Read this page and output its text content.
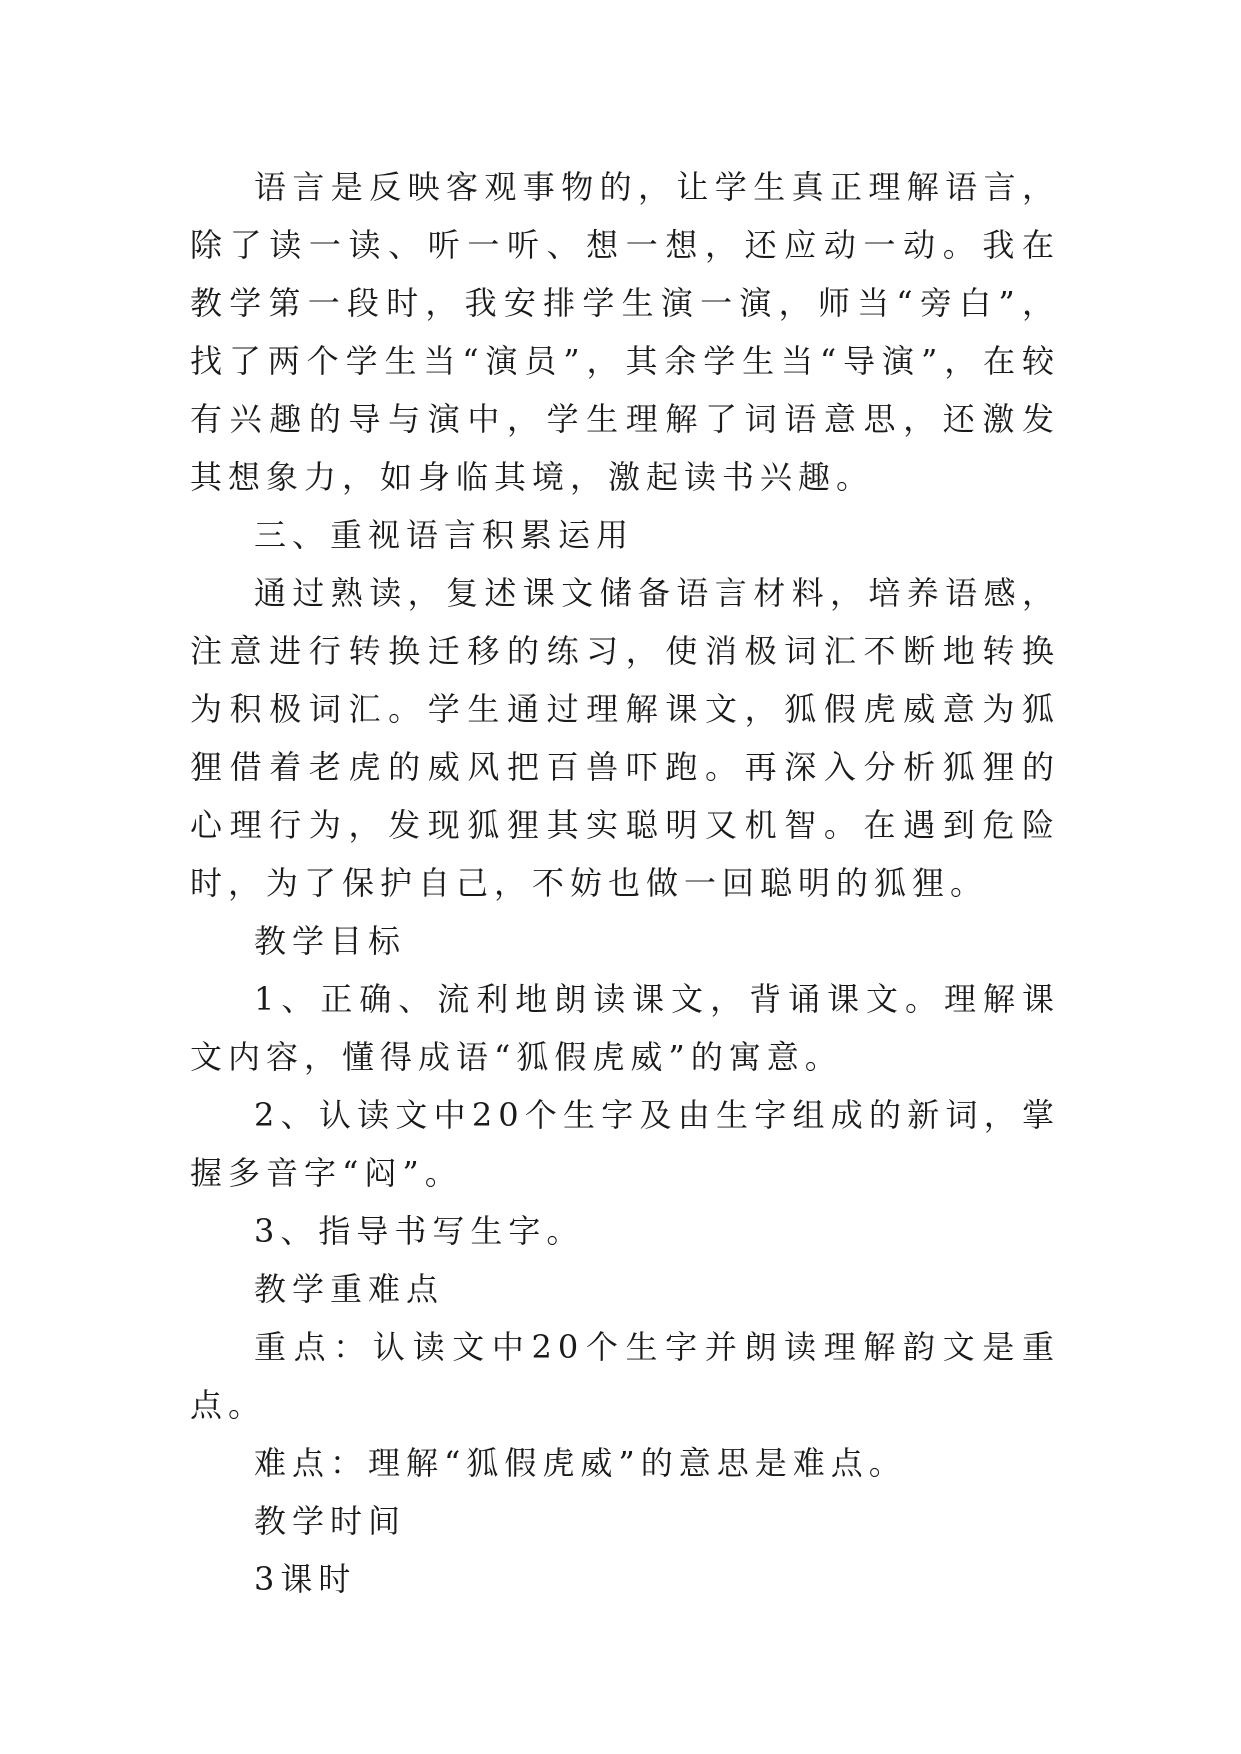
语言是反映客观事物的，让学生真正理解语言，除了读一读、听一听、想一想，还应动一动。我在教学第一段时，我安排学生演一演，师当“旁白”，找了两个学生当“演员”，其余学生当“导演”，在较有兴趣的导与演中，学生理解了词语意思，还激发其想象力，如身临其境，激起读书兴趣。

三、重视语言积累运用

通过熟读，复述课文储备语言材料，培养语感，注意进行转换迁移的练习，使消极词汇不断地转换为积极词汇。学生通过理解课文，狐假虎威意为狐狸借着老虎的威风把百兽吓跑。再深入分析狐狸的心理行为，发现狐狸其实聪明又机智。在遇到危险时，为了保护自己，不妨也做一回聪明的狐狸。

教学目标

1、正确、流利地朗读课文，背诵课文。理解课文内容，懂得成语“狐假虎威”的寓意。

2、认读文中20个生字及由生字组成的新词，掌握多音字“闷”。

3、指导书写生字。

教学重难点

重点：认读文中20个生字并朗读理解韵文是重点。

难点：理解“狐假虎威”的意思是难点。

教学时间

3课时
